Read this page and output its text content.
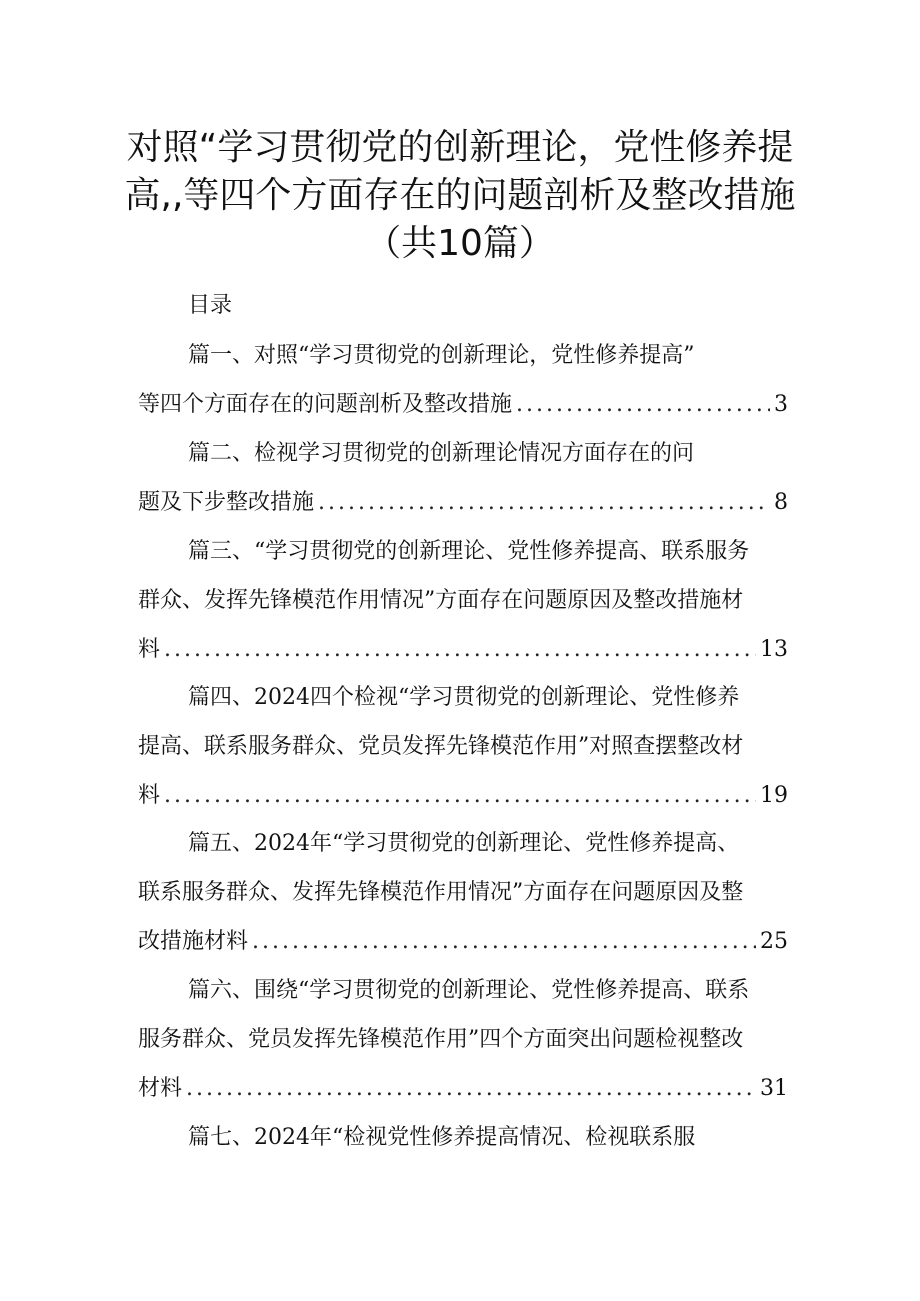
对照“学习贯彻党的创新理论，党性修养提
高,,等四个方面存在的问题剖析及整改措施
（共10篇）
目录
篇一、对照“学习贯彻党的创新理论，党性修养提高”
等四个方面存在的问题剖析及整改措施 .....	3
篇二、检视学习贯彻党的创新理论情况方面存在的问
题及下步整改措施 .....	8
篇三、“学习贯彻党的创新理论、党性修养提高、联系服务
群众、发挥先锋模范作用情况”方面存在问题原因及整改措施材
料 .....	13
篇四、2024四个检视“学习贯彻党的创新理论、党性修养
提高、联系服务群众、党员发挥先锋模范作用”对照查摆整改材
料 .....	19
篇五、2024年“学习贯彻党的创新理论、党性修养提高、
联系服务群众、发挥先锋模范作用情况”方面存在问题原因及整
改措施材料 .....	25
篇六、围绕“学习贯彻党的创新理论、党性修养提高、联系
服务群众、党员发挥先锋模范作用”四个方面突出问题检视整改
材料 .....	31
篇七、2024年“检视党性修养提高情况、检视联系服
